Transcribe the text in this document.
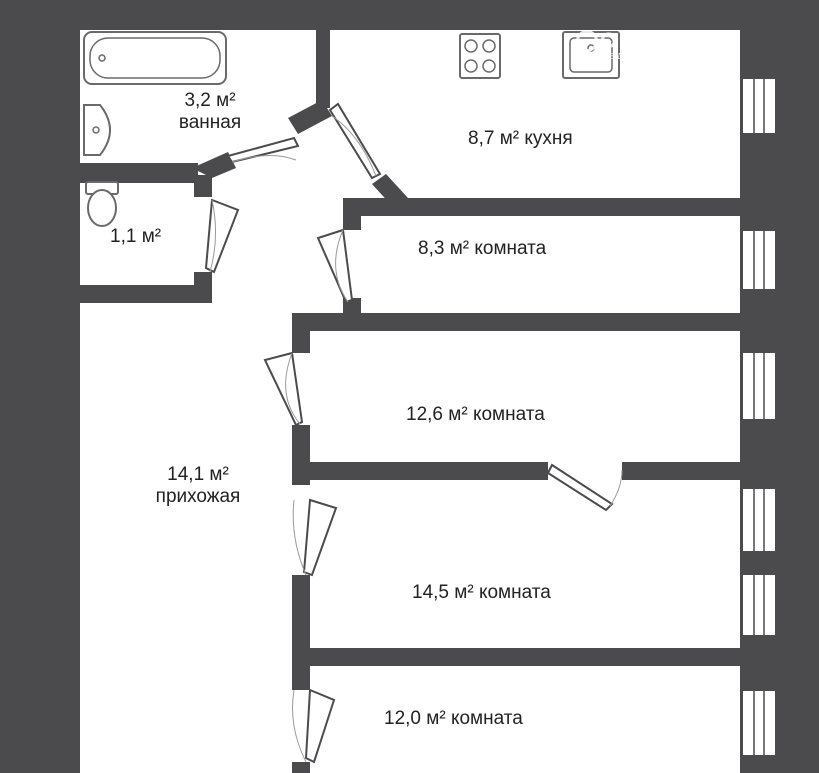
ONREALT
НЕДВИЖИМОСТЬ
3,2 м²
ванная
1,1 м²
8,7 м² кухня
8,3 м² комната
12,6 м² комната
14,1 м²
прихожая
14,5 м² комната
12,0 м² комната
